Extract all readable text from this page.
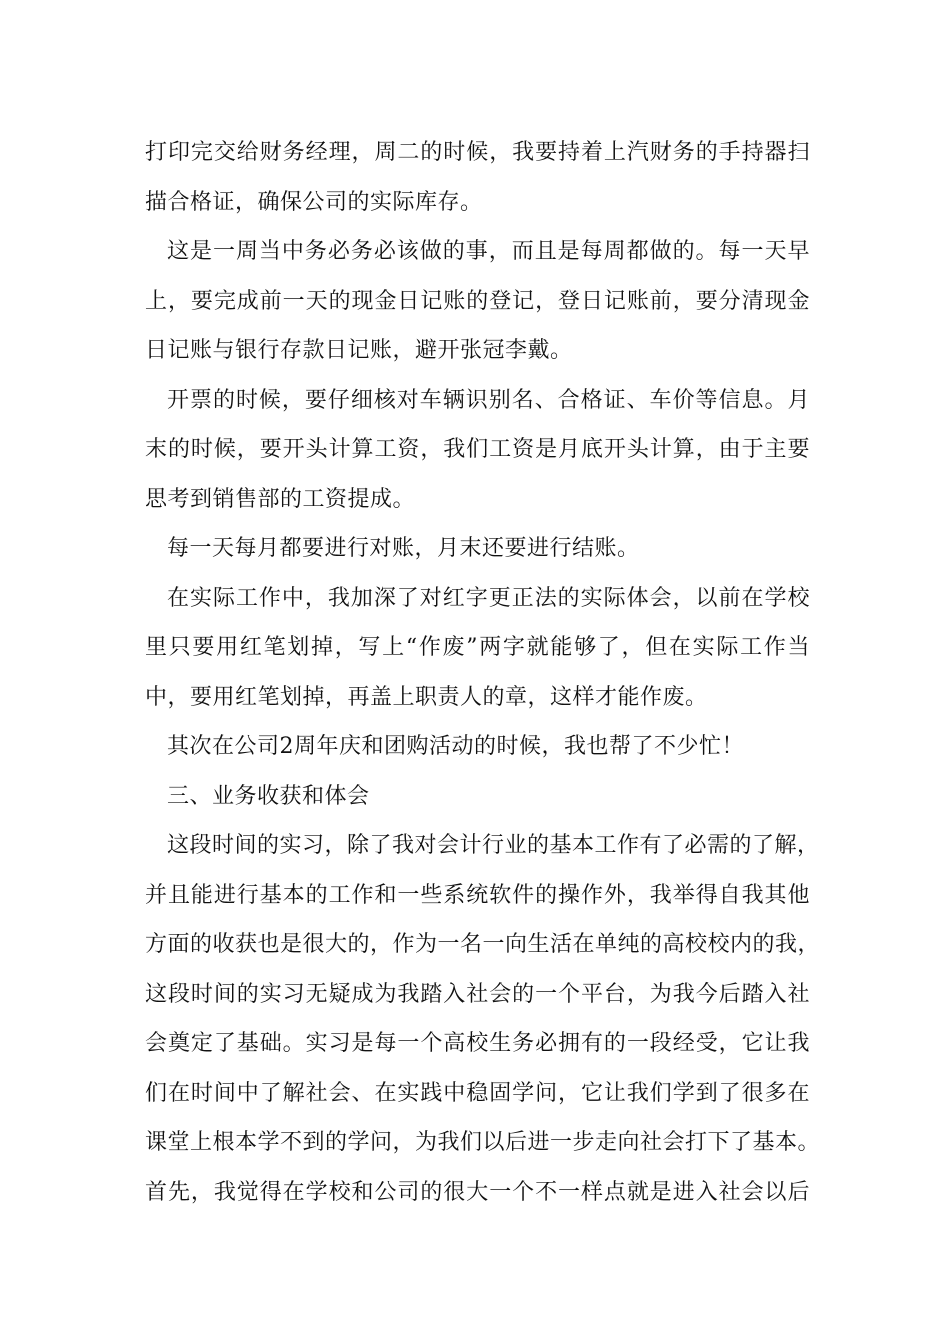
打印完交给财务经理，周二的时候，我要持着上汽财务的手持器扫
描合格证，确保公司的实际库存。
这是一周当中务必务必该做的事，而且是每周都做的。每一天早
上，要完成前一天的现金日记账的登记，登日记账前，要分清现金
日记账与银行存款日记账，避开张冠李戴。
开票的时候，要仔细核对车辆识别名、合格证、车价等信息。月
末的时候，要开头计算工资，我们工资是月底开头计算，由于主要
思考到销售部的工资提成。
每一天每月都要进行对账，月末还要进行结账。
在实际工作中，我加深了对红字更正法的实际体会，以前在学校
里只要用红笔划掉，写上“作废”两字就能够了，但在实际工作当
中，要用红笔划掉，再盖上职责人的章，这样才能作废。
其次在公司2周年庆和团购活动的时候，我也帮了不少忙！
三、业务收获和体会
这段时间的实习，除了我对会计行业的基本工作有了必需的了解，
并且能进行基本的工作和一些系统软件的操作外，我举得自我其他
方面的收获也是很大的，作为一名一向生活在单纯的高校校内的我，
这段时间的实习无疑成为我踏入社会的一个平台，为我今后踏入社
会奠定了基础。实习是每一个高校生务必拥有的一段经受，它让我
们在时间中了解社会、在实践中稳固学问，它让我们学到了很多在
课堂上根本学不到的学问，为我们以后进一步走向社会打下了基本。
首先，我觉得在学校和公司的很大一个不一样点就是进入社会以后
